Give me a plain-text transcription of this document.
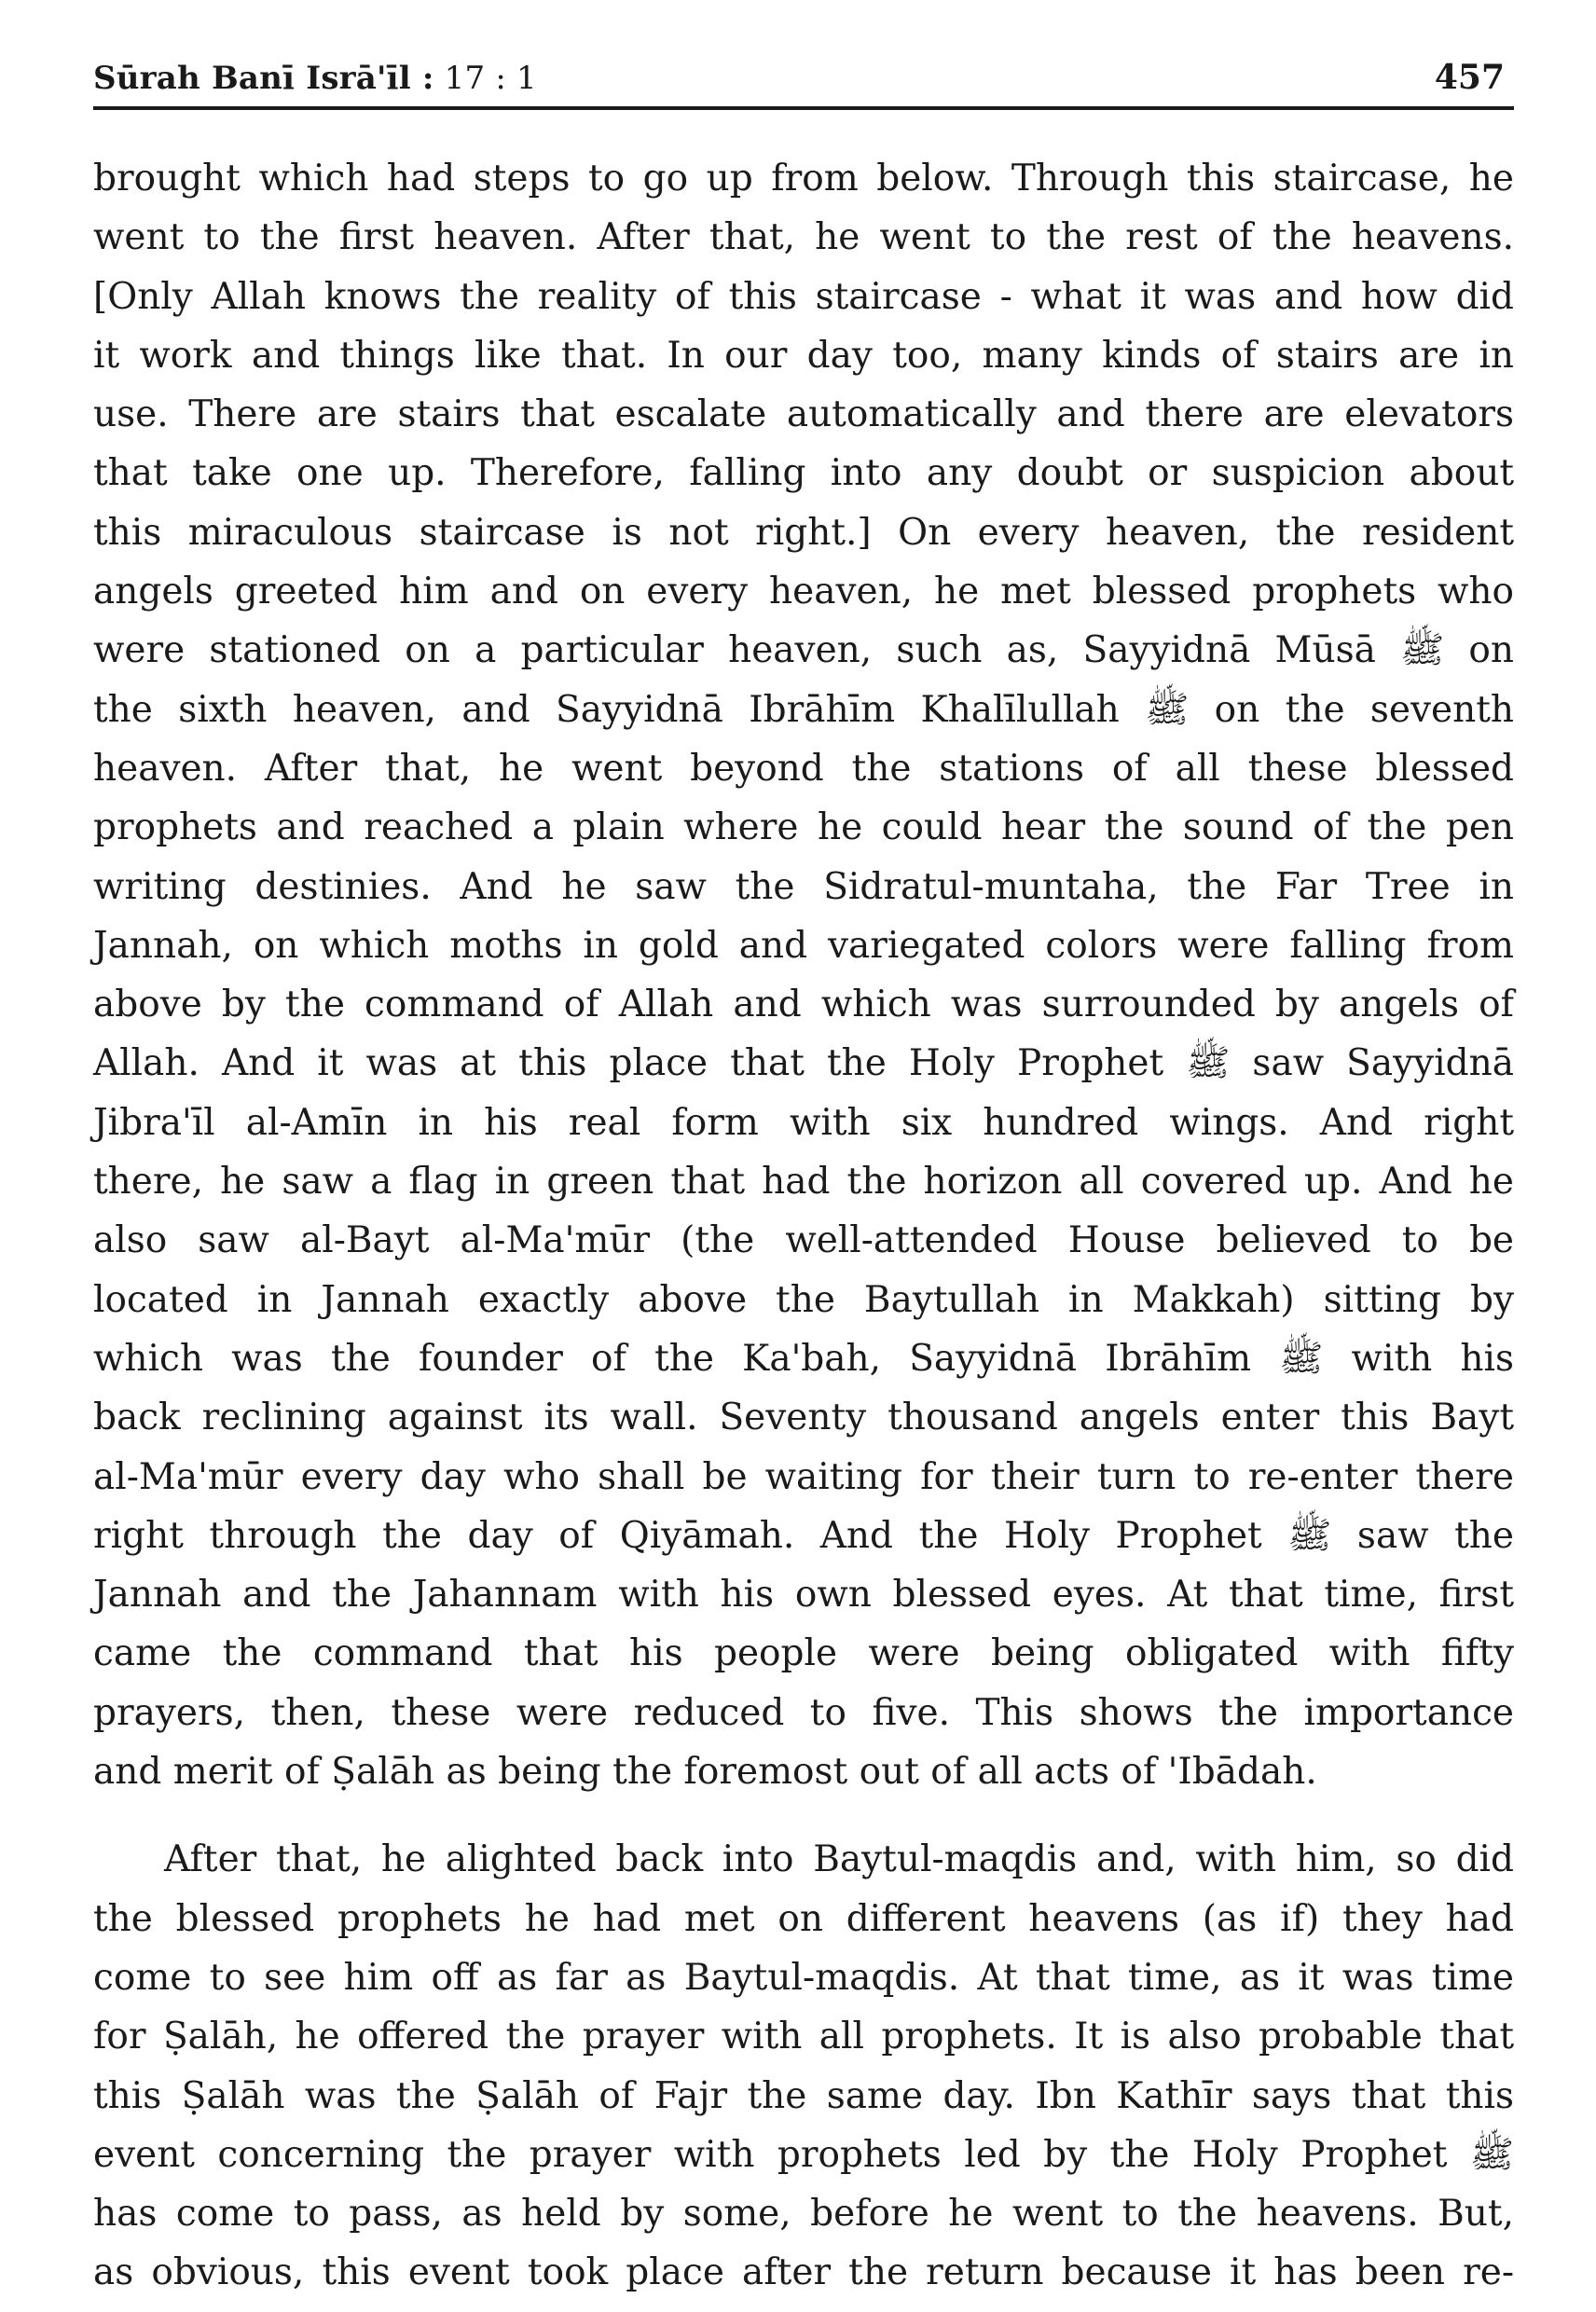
Sūrah Banī Isrā'īl : 17 : 1	457
brought which had steps to go up from below. Through this staircase, he
went to the first heaven. After that, he went to the rest of the heavens.
[Only Allah knows the reality of this staircase - what it was and how did
it work and things like that. In our day too, many kinds of stairs are in
use. There are stairs that escalate automatically and there are elevators
that take one up. Therefore, falling into any doubt or suspicion about
this miraculous staircase is not right.] On every heaven, the resident
angels greeted him and on every heaven, he met blessed prophets who
were stationed on a particular heaven, such as, Sayyidnā Mūsā ﷺ on
the sixth heaven, and Sayyidnā Ibrāhīm Khalīlullah ﷺ on the seventh
heaven. After that, he went beyond the stations of all these blessed
prophets and reached a plain where he could hear the sound of the pen
writing destinies. And he saw the Sidratul-muntaha, the Far Tree in
Jannah, on which moths in gold and variegated colors were falling from
above by the command of Allah and which was surrounded by angels of
Allah. And it was at this place that the Holy Prophet ﷺ saw Sayyidnā
Jibra'īl al-Amīn in his real form with six hundred wings. And right
there, he saw a flag in green that had the horizon all covered up. And he
also saw al-Bayt al-Ma'mūr (the well-attended House believed to be
located in Jannah exactly above the Baytullah in Makkah) sitting by
which was the founder of the Ka'bah, Sayyidnā Ibrāhīm ﷺ with his
back reclining against its wall. Seventy thousand angels enter this Bayt
al-Ma'mūr every day who shall be waiting for their turn to re-enter there
right through the day of Qiyāmah. And the Holy Prophet ﷺ saw the
Jannah and the Jahannam with his own blessed eyes. At that time, first
came the command that his people were being obligated with fifty
prayers, then, these were reduced to five. This shows the importance
and merit of Ṣalāh as being the foremost out of all acts of 'Ibādah.
After that, he alighted back into Baytul-maqdis and, with him, so did
the blessed prophets he had met on different heavens (as if) they had
come to see him off as far as Baytul-maqdis. At that time, as it was time
for Ṣalāh, he offered the prayer with all prophets. It is also probable that
this Ṣalāh was the Ṣalāh of Fajr the same day. Ibn Kathīr says that this
event concerning the prayer with prophets led by the Holy Prophet ﷺ
has come to pass, as held by some, before he went to the heavens. But,
as obvious, this event took place after the return because it has been re-
